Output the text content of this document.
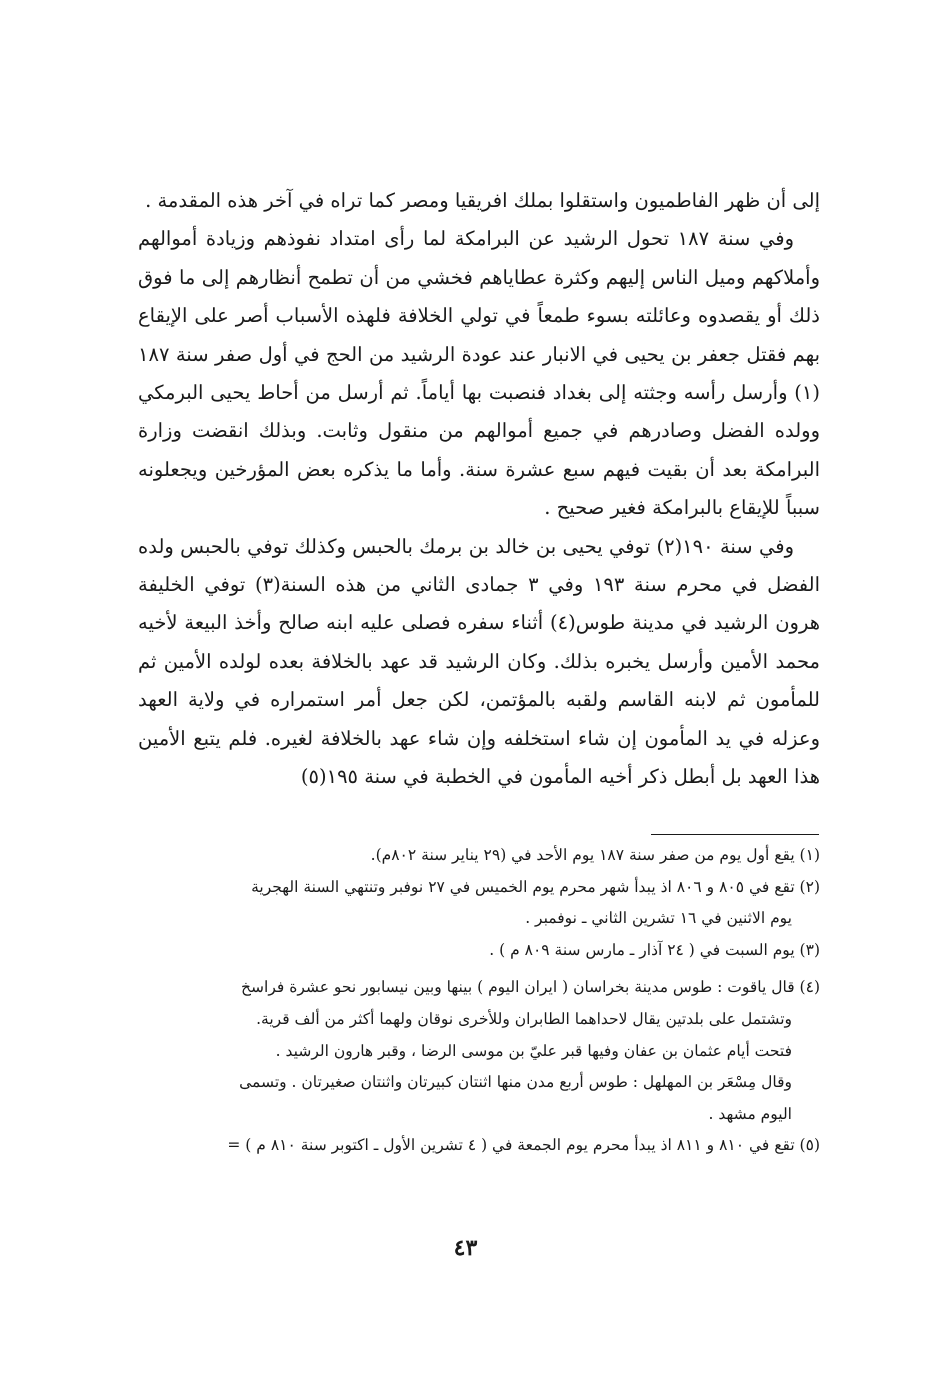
إلى أن ظهر الفاطميون واستقلوا بملك افريقيا ومصر كما تراه في آخر هذه المقدمة .

وفي سنة ١٨٧ تحول الرشيد عن البرامكة لما رأى امتداد نفوذهم وزيادة أموالهم وأملاكهم وميل الناس إليهم وكثرة عطاياهم فخشي من أن تطمح أنظارهم إلى ما فوق ذلك أو يقصدوه وعائلته بسوء طمعاً في تولي الخلافة فلهذه الأسباب أصر على الإيقاع بهم فقتل جعفر بن يحيى في الانبار عند عودة الرشيد من الحج في أول صفر سنة ١٨٧ (١) وأرسل رأسه وجثته إلى بغداد فنصبت بها أياماً. ثم أرسل من أحاط يحيى البرمكي وولده الفضل وصادرهم في جميع أموالهم من منقول وثابت. وبذلك انقضت وزارة البرامكة بعد أن بقيت فيهم سبع عشرة سنة. وأما ما يذكره بعض المؤرخين ويجعلونه سبباً للإيقاع بالبرامكة فغير صحيح .

وفي سنة ١٩٠(٢) توفي يحيى بن خالد بن برمك بالحبس وكذلك توفي بالحبس ولده الفضل في محرم سنة ١٩٣ وفي ٣ جمادى الثاني من هذه السنة(٣) توفي الخليفة هرون الرشيد في مدينة طوس(٤) أثناء سفره فصلى عليه ابنه صالح وأخذ البيعة لأخيه محمد الأمين وأرسل يخبره بذلك. وكان الرشيد قد عهد بالخلافة بعده لولده الأمين ثم للمأمون ثم لابنه القاسم ولقبه بالمؤتمن، لكن جعل أمر استمراره في ولاية العهد وعزله في يد المأمون إن شاء استخلفه وإن شاء عهد بالخلافة لغيره. فلم يتبع الأمين هذا العهد بل أبطل ذكر أخيه المأمون في الخطبة في سنة ١٩٥(٥)

(١) يقع أول يوم من صفر سنة ١٨٧ يوم الأحد في (٢٩ يناير سنة ٨٠٢م).

(٢) تقع في ٨٠٥ و ٨٠٦ اذ يبدأ شهر محرم يوم الخميس في ٢٧ نوفبر وتنتهي السنة الهجرية
يوم الاثنين في ١٦ تشرين الثاني ـ نوفمبر .

(٣) يوم السبت في ( ٢٤ آذار ـ مارس سنة ٨٠٩ م ) .

(٤) قال ياقوت : طوس مدينة بخراسان ( ايران اليوم ) بينها وبين نيسابور نحو عشرة فراسخ
وتشتمل على بلدتين يقال لاحداهما الطابران وللأخرى نوقان ولهما أكثر من ألف قرية.
فتحت أيام عثمان بن عفان وفيها قبر عليّ بن موسى الرضا ، وقبر هارون الرشيد .
وقال مِسْعَر بن المهلهل : طوس أربع مدن منها اثنتان كبيرتان واثنتان صغيرتان . وتسمى
اليوم مشهد .

(٥) تقع في ٨١٠ و ٨١١ اذ يبدأ محرم يوم الجمعة في ( ٤ تشرين الأول ـ اكتوبر سنة ٨١٠ م ) =

٤٣
